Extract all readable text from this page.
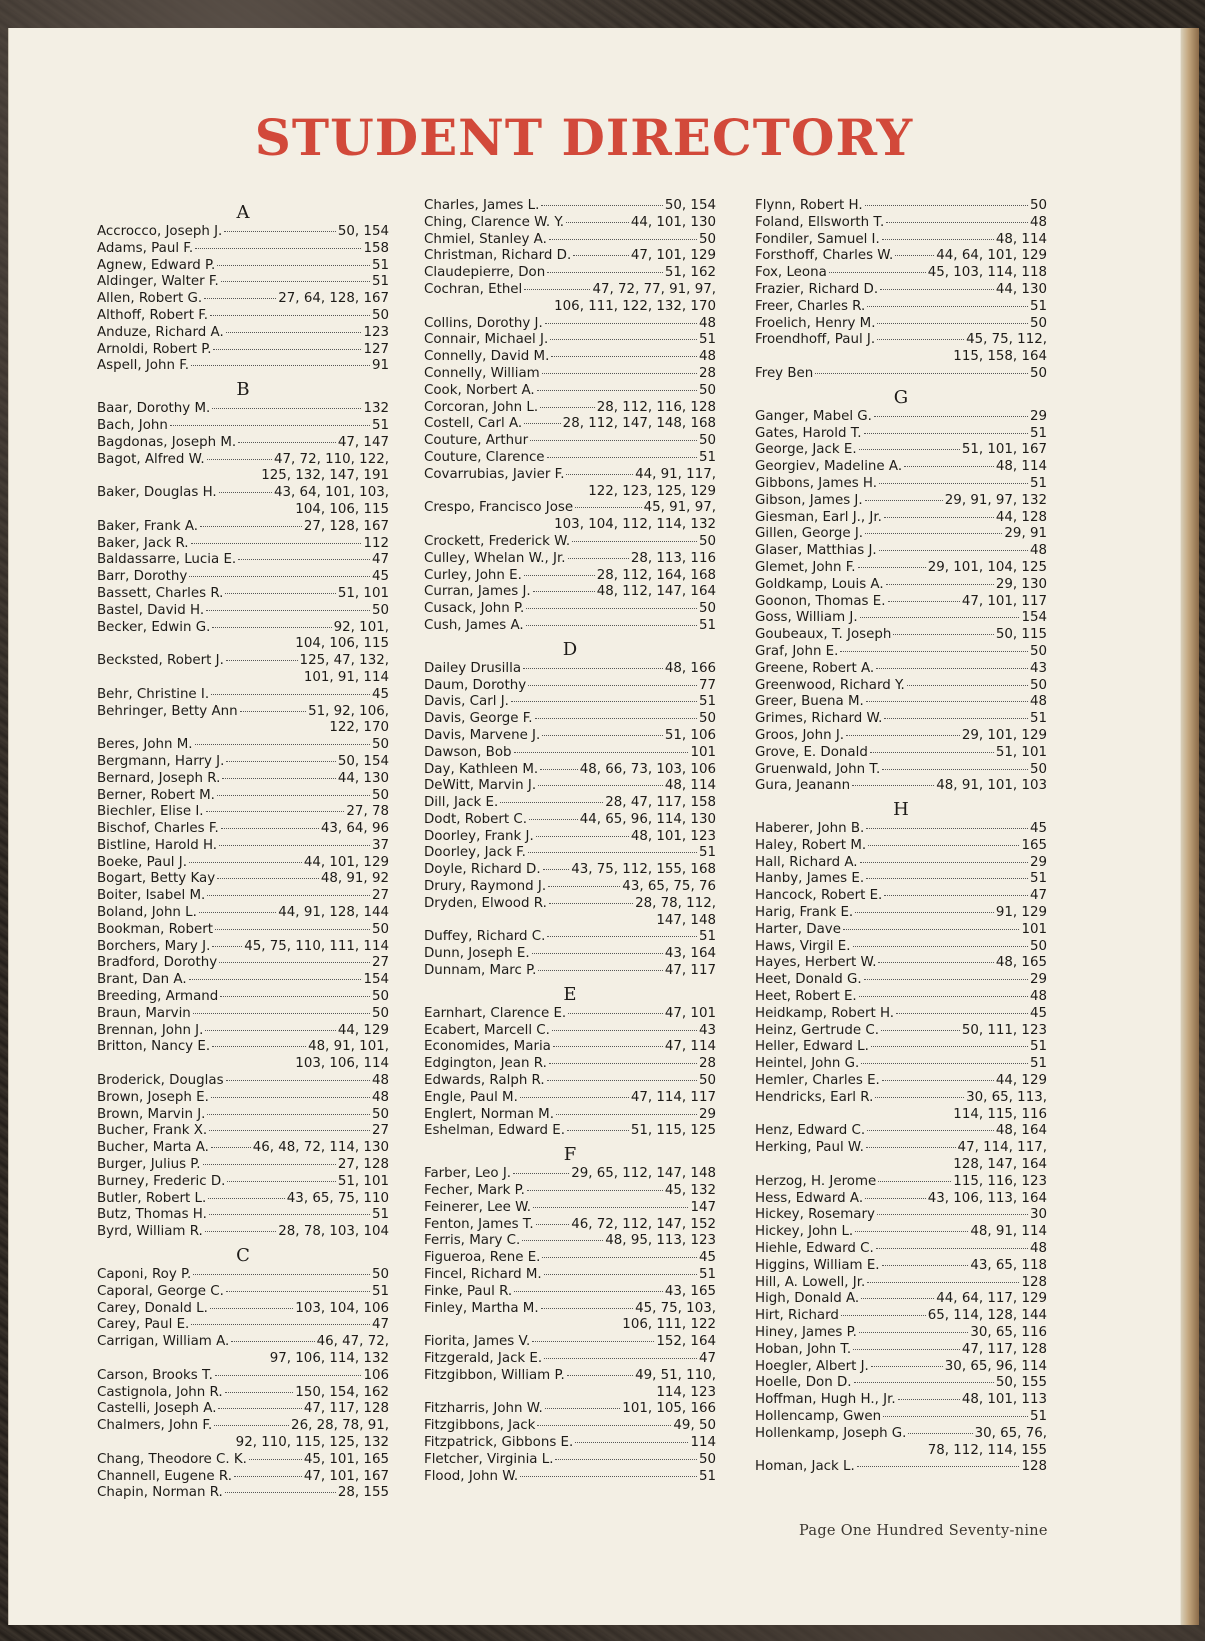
STUDENT DIRECTORY
A
Accrocco, Joseph J.	50, 154
Adams, Paul F.	158
Agnew, Edward P.	51
Aldinger, Walter F.	51
Allen, Robert G.	27, 64, 128, 167
Althoff, Robert F.	50
Anduze, Richard A.	123
Arnoldi, Robert P.	127
Aspell, John F.	91
B
Baar, Dorothy M.	132
Bach, John	51
Bagdonas, Joseph M.	47, 147
Bagot, Alfred W.	47, 72, 110, 122,
125, 132, 147, 191
Baker, Douglas H.	43, 64, 101, 103,
104, 106, 115
Baker, Frank A.	27, 128, 167
Baker, Jack R.	112
Baldassarre, Lucia E.	47
Barr, Dorothy	45
Bassett, Charles R.	51, 101
Bastel, David H.	50
Becker, Edwin G.	92, 101,
104, 106, 115
Becksted, Robert J.	125, 47, 132,
101, 91, 114
Behr, Christine I.	45
Behringer, Betty Ann	51, 92, 106,
122, 170
Beres, John M.	50
Bergmann, Harry J.	50, 154
Bernard, Joseph R.	44, 130
Berner, Robert M.	50
Biechler, Elise I.	27, 78
Bischof, Charles F.	43, 64, 96
Bistline, Harold H.	37
Boeke, Paul J.	44, 101, 129
Bogart, Betty Kay	48, 91, 92
Boiter, Isabel M.	27
Boland, John L.	44, 91, 128, 144
Bookman, Robert	50
Borchers, Mary J.	45, 75, 110, 111, 114
Bradford, Dorothy	27
Brant, Dan A.	154
Breeding, Armand	50
Braun, Marvin	50
Brennan, John J.	44, 129
Britton, Nancy E.	48, 91, 101,
103, 106, 114
Broderick, Douglas	48
Brown, Joseph E.	48
Brown, Marvin J.	50
Bucher, Frank X.	27
Bucher, Marta A.	46, 48, 72, 114, 130
Burger, Julius P.	27, 128
Burney, Frederic D.	51, 101
Butler, Robert L.	43, 65, 75, 110
Butz, Thomas H.	51
Byrd, William R.	28, 78, 103, 104
C
Caponi, Roy P.	50
Caporal, George C.	51
Carey, Donald L.	103, 104, 106
Carey, Paul E.	47
Carrigan, William A.	46, 47, 72,
97, 106, 114, 132
Carson, Brooks T.	106
Castignola, John R.	150, 154, 162
Castelli, Joseph A.	47, 117, 128
Chalmers, John F.	26, 28, 78, 91,
92, 110, 115, 125, 132
Chang, Theodore C. K.	45, 101, 165
Channell, Eugene R.	47, 101, 167
Chapin, Norman R.	28, 155
Charles, James L.	50, 154
Ching, Clarence W. Y.	44, 101, 130
Chmiel, Stanley A.	50
Christman, Richard D.	47, 101, 129
Claudepierre, Don	51, 162
Cochran, Ethel	47, 72, 77, 91, 97,
106, 111, 122, 132, 170
Collins, Dorothy J.	48
Connair, Michael J.	51
Connelly, David M.	48
Connelly, William	28
Cook, Norbert A.	50
Corcoran, John L.	28, 112, 116, 128
Costell, Carl A.	28, 112, 147, 148, 168
Couture, Arthur	50
Couture, Clarence	51
Covarrubias, Javier F.	44, 91, 117,
122, 123, 125, 129
Crespo, Francisco Jose	45, 91, 97,
103, 104, 112, 114, 132
Crockett, Frederick W.	50
Culley, Whelan W., Jr.	28, 113, 116
Curley, John E.	28, 112, 164, 168
Curran, James J.	48, 112, 147, 164
Cusack, John P.	50
Cush, James A.	51
D
Dailey Drusilla	48, 166
Daum, Dorothy	77
Davis, Carl J.	51
Davis, George F.	50
Davis, Marvene J.	51, 106
Dawson, Bob	101
Day, Kathleen M.	48, 66, 73, 103, 106
DeWitt, Marvin J.	48, 114
Dill, Jack E.	28, 47, 117, 158
Dodt, Robert C.	44, 65, 96, 114, 130
Doorley, Frank J.	48, 101, 123
Doorley, Jack F.	51
Doyle, Richard D. 43, 75, 112, 155, 168
Drury, Raymond J.	43, 65, 75, 76
Dryden, Elwood R.	28, 78, 112,
147, 148
Duffey, Richard C.	51
Dunn, Joseph E.	43, 164
Dunnam, Marc P.	47, 117
E
Earnhart, Clarence E.	47, 101
Ecabert, Marcell C.	43
Economides, Maria	47, 114
Edgington, Jean R.	28
Edwards, Ralph R.	50
Engle, Paul M.	47, 114, 117
Englert, Norman M.	29
Eshelman, Edward E.	51, 115, 125
F
Farber, Leo J.	29, 65, 112, 147, 148
Fecher, Mark P.	45, 132
Feinerer, Lee W.	147
Fenton, James T.	46, 72, 112, 147, 152
Ferris, Mary C.	48, 95, 113, 123
Figueroa, Rene E.	45
Fincel, Richard M.	51
Finke, Paul R.	43, 165
Finley, Martha M.	45, 75, 103,
106, 111, 122
Fiorita, James V.	152, 164
Fitzgerald, Jack E.	47
Fitzgibbon, William P.	49, 51, 110,
114, 123
Fitzharris, John W.	101, 105, 166
Fitzgibbons, Jack	49, 50
Fitzpatrick, Gibbons E.	114
Fletcher, Virginia L.	50
Flood, John W.	51
Flynn, Robert H.	50
Foland, Ellsworth T.	48
Fondiler, Samuel I.	48, 114
Forsthoff, Charles W.	44, 64, 101, 129
Fox, Leona	45, 103, 114, 118
Frazier, Richard D.	44, 130
Freer, Charles R.	51
Froelich, Henry M.	50
Froendhoff, Paul J.	45, 75, 112,
115, 158, 164
Frey Ben	50
G
Ganger, Mabel G.	29
Gates, Harold T.	51
George, Jack E.	51, 101, 167
Georgiev, Madeline A.	48, 114
Gibbons, James H.	51
Gibson, James J.	29, 91, 97, 132
Giesman, Earl J., Jr.	44, 128
Gillen, George J.	29, 91
Glaser, Matthias J.	48
Glemet, John F.	29, 101, 104, 125
Goldkamp, Louis A.	29, 130
Goonon, Thomas E.	47, 101, 117
Goss, William J.	154
Goubeaux, T. Joseph	50, 115
Graf, John E.	50
Greene, Robert A.	43
Greenwood, Richard Y.	50
Greer, Buena M.	48
Grimes, Richard W.	51
Groos, John J.	29, 101, 129
Grove, E. Donald	51, 101
Gruenwald, John T.	50
Gura, Jeanann	48, 91, 101, 103
H
Haberer, John B.	45
Haley, Robert M.	165
Hall, Richard A.	29
Hanby, James E.	51
Hancock, Robert E.	47
Harig, Frank E.	91, 129
Harter, Dave	101
Haws, Virgil E.	50
Hayes, Herbert W.	48, 165
Heet, Donald G.	29
Heet, Robert E.	48
Heidkamp, Robert H.	45
Heinz, Gertrude C.	50, 111, 123
Heller, Edward L.	51
Heintel, John G.	51
Hemler, Charles E.	44, 129
Hendricks, Earl R.	30, 65, 113,
114, 115, 116
Henz, Edward C.	48, 164
Herking, Paul W.	47, 114, 117,
128, 147, 164
Herzog, H. Jerome	115, 116, 123
Hess, Edward A.	43, 106, 113, 164
Hickey, Rosemary	30
Hickey, John L.	48, 91, 114
Hiehle, Edward C.	48
Higgins, William E.	43, 65, 118
Hill, A. Lowell, Jr.	128
High, Donald A.	44, 64, 117, 129
Hirt, Richard	65, 114, 128, 144
Hiney, James P.	30, 65, 116
Hoban, John T.	47, 117, 128
Hoegler, Albert J.	30, 65, 96, 114
Hoelle, Don D.	50, 155
Hoffman, Hugh H., Jr.	48, 101, 113
Hollencamp, Gwen	51
Hollenkamp, Joseph G.	30, 65, 76,
78, 112, 114, 155
Homan, Jack L.	128
Page One Hundred Seventy-nine
